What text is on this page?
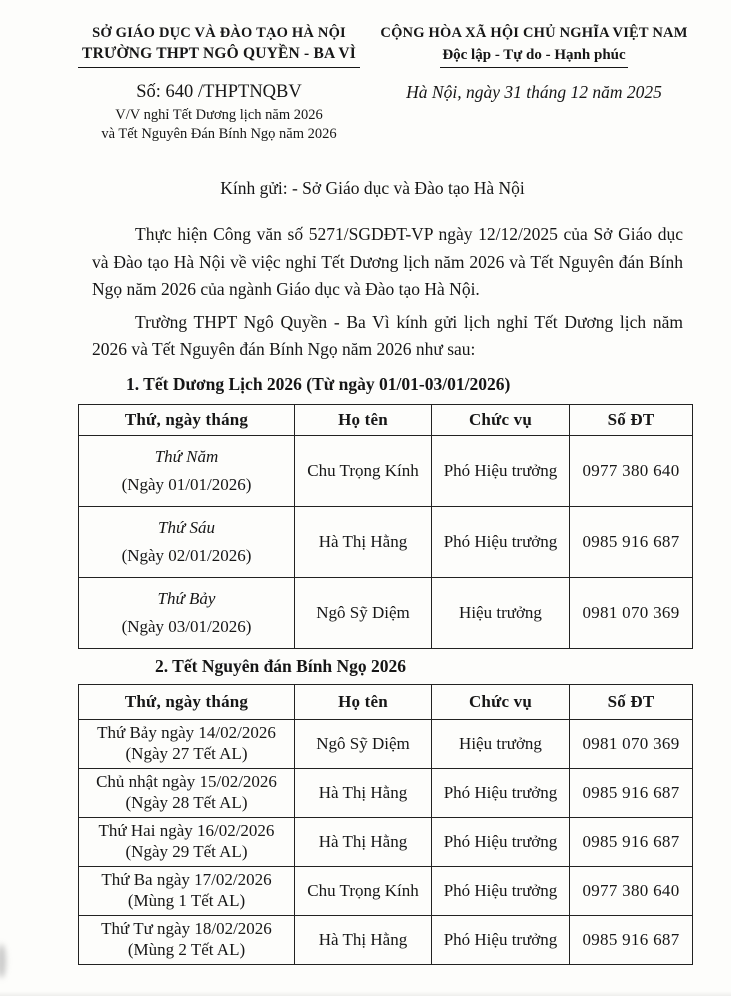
SỞ GIÁO DỤC VÀ ĐÀO TẠO HÀ NỘI
TRƯỜNG THPT NGÔ QUYỀN - BA VÌ
CỘNG HÒA XÃ HỘI CHỦ NGHĨA VIỆT NAM
Độc lập - Tự do - Hạnh phúc
Số: 640 /THPTNQBV	Hà Nội, ngày 31 tháng 12 năm 2025
V/V nghỉ Tết Dương lịch năm 2026
và Tết Nguyên Đán Bính Ngọ năm 2026
Kính gửi: - Sở Giáo dục và Đào tạo Hà Nội

Thực hiện Công văn số 5271/SGDĐT-VP ngày 12/12/2025 của Sở Giáo dục và Đào tạo Hà Nội về việc nghỉ Tết Dương lịch năm 2026 và Tết Nguyên đán Bính Ngọ năm 2026 của ngành Giáo dục và Đào tạo Hà Nội.

Trường THPT Ngô Quyền - Ba Vì kính gửi lịch nghỉ Tết Dương lịch năm 2026 và Tết Nguyên đán Bính Ngọ năm 2026 như sau:

1. Tết Dương Lịch 2026 (Từ ngày 01/01-03/01/2026)
Thứ, ngày tháng	Họ tên	Chức vụ	Số ĐT

Thứ Năm
(Ngày 01/01/2026)	Chu Trọng Kính	Phó Hiệu trưởng	0977 380 640

Thứ Sáu
(Ngày 02/01/2026)	Hà Thị Hằng	Phó Hiệu trưởng	0985 916 687

Thứ Bảy
(Ngày 03/01/2026)	Ngô Sỹ Diệm	Hiệu trưởng	0981 070 369
2. Tết Nguyên đán Bính Ngọ 2026
Thứ, ngày tháng	Họ tên	Chức vụ	Số ĐT

Thứ Bảy ngày 14/02/2026
(Ngày 27 Tết AL)	Ngô Sỹ Diệm	Hiệu trưởng	0981 070 369

Chủ nhật ngày 15/02/2026
(Ngày 28 Tết AL)	Hà Thị Hằng	Phó Hiệu trưởng	0985 916 687

Thứ Hai ngày 16/02/2026
(Ngày 29 Tết AL)	Hà Thị Hằng	Phó Hiệu trưởng	0985 916 687

Thứ Ba ngày 17/02/2026
(Mùng 1 Tết AL)	Chu Trọng Kính	Phó Hiệu trưởng	0977 380 640

Thứ Tư ngày 18/02/2026
(Mùng 2 Tết AL)	Hà Thị Hằng	Phó Hiệu trưởng	0985 916 687
